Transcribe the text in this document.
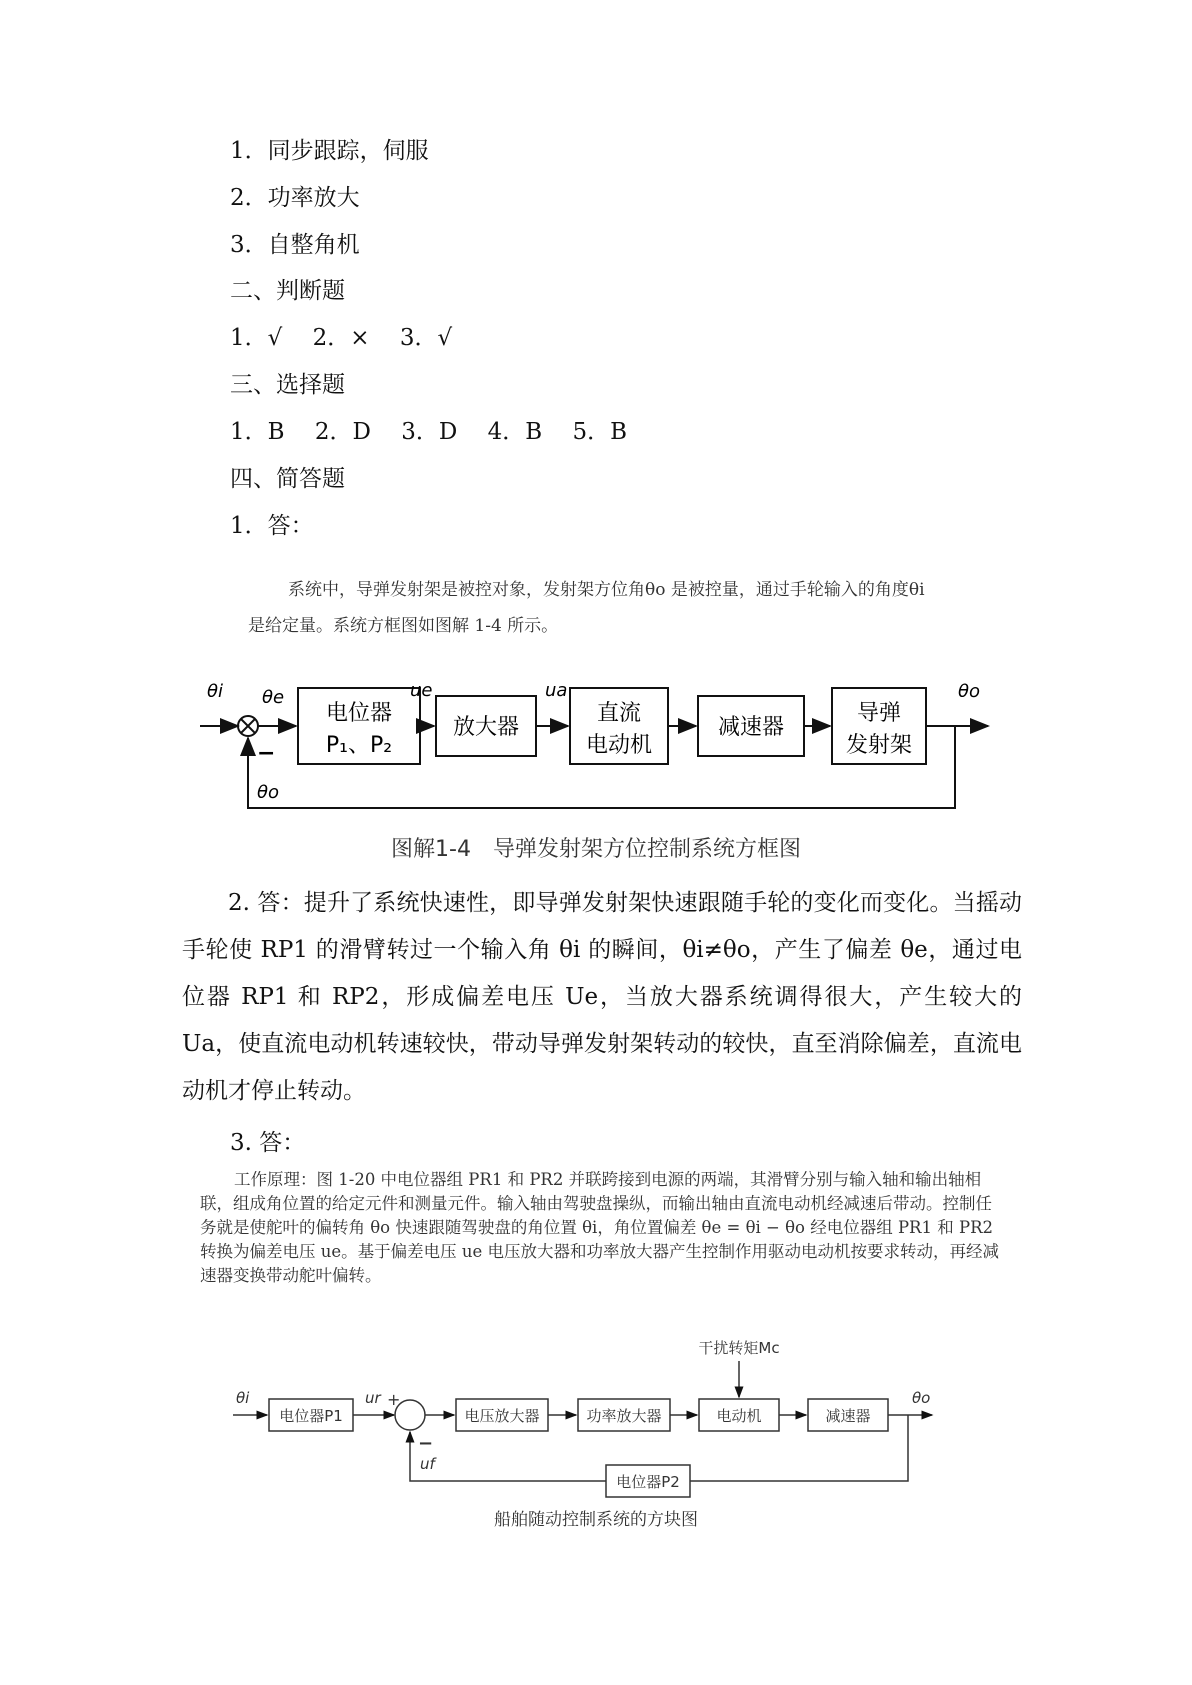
1．同步跟踪，伺服
2．功率放大
3．自整角机
二、判断题
1．√　 2．×　 3．√
三、选择题
1．B　 2．D　 3．D　 4．B　 5．B
四、简答题
1．答：
系统中，导弹发射架是被控对象，发射架方位角θo 是被控量，通过手轮输入的角度θi
是给定量。系统方框图如图解 1-4 所示。
θi θe
−
θo
θo
ue	ua
电位器
P₁、P₂
放大器
直流
电动机
减速器
导弹
发射架
图解1-4　导弹发射架方位控制系统方框图
2. 答：提升了系统快速性，即导弹发射架快速跟随手轮的变化而变化。当摇动手轮使 RP1 的滑臂转过一个输入角 θi 的瞬间，θi≠θo，产生了偏差 θe，通过电位器 RP1 和 RP2，形成偏差电压 Ue，当放大器系统调得很大，产生较大的 Ua，使直流电动机转速较快，带动导弹发射架转动的较快，直至消除偏差，直流电动机才停止转动。
3. 答：
工作原理：图 1-20 中电位器组 PR1 和 PR2 并联跨接到电源的两端，其滑臂分别与输入轴和输出轴相联，组成角位置的给定元件和测量元件。输入轴由驾驶盘操纵，而输出轴由直流电动机经减速后带动。控制任务就是使舵叶的偏转角 θo 快速跟随驾驶盘的角位置 θi，角位置偏差 θe = θi − θo 经电位器组 PR1 和 PR2 转换为偏差电压 ue。基于偏差电压 ue 电压放大器和功率放大器产生控制作用驱动电动机按要求转动，再经减速器变换带动舵叶偏转。
干扰转矩Mc
θi	θo
ur +
−
uf
电位器P1	电压放大器	功率放大器	电动机	减速器
电位器P2
船舶随动控制系统的方块图
